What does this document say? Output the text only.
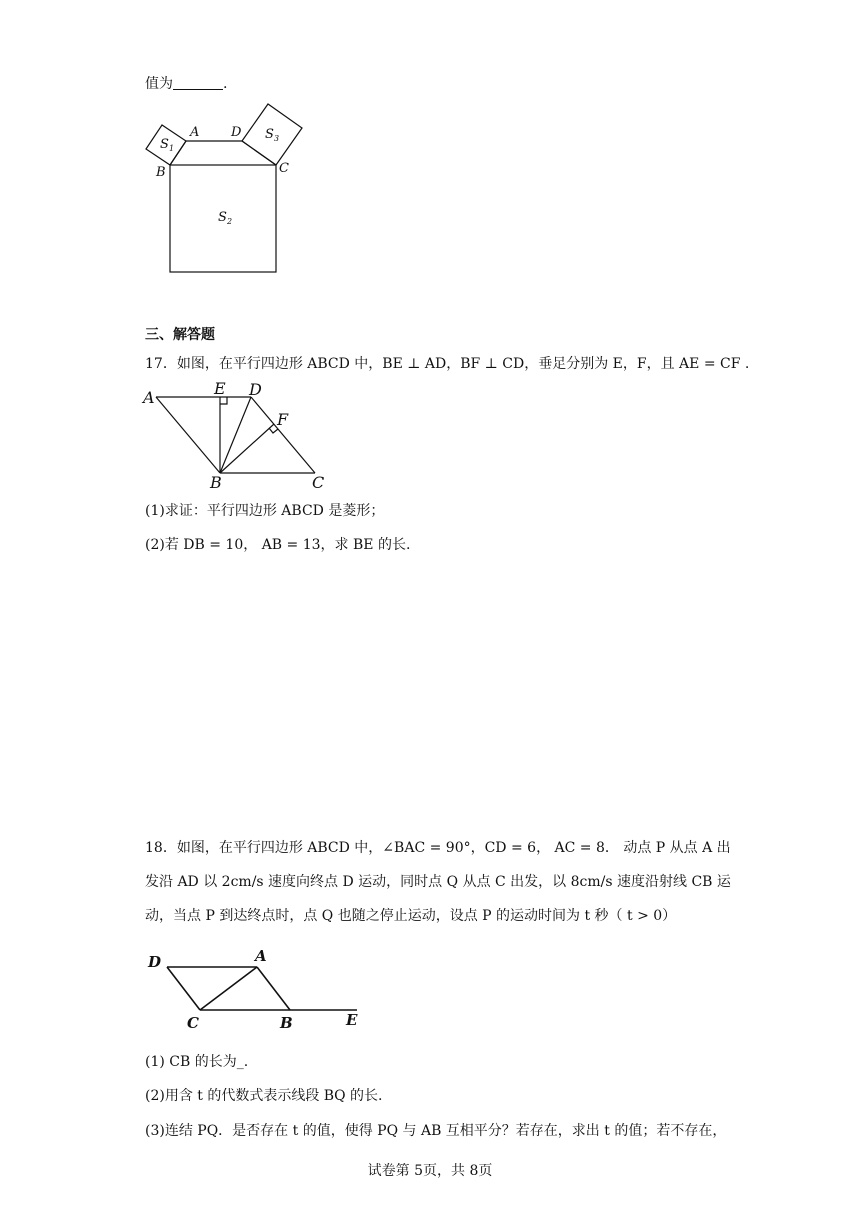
值为	.
A D
B	C
S 1
S 2
S 3
三、解答题
17．如图，在平行四边形 ABCD 中，BE ⊥ AD，BF ⊥ CD，垂足分别为 E，F，且 AE = CF .
A	E D
F
B	C
(1)求证：平行四边形 ABCD 是菱形；
(2)若 DB = 10， AB = 13，求 BE 的长.
18．如图，在平行四边形 ABCD 中，∠BAC = 90°，CD = 6， AC = 8． 动点 P 从点 A 出
发沿 AD 以 2cm/s 速度向终点 D 运动，同时点 Q 从点 C 出发，以 8cm/s 速度沿射线 CB 运
动，当点 P 到达终点时，点 Q 也随之停止运动，设点 P 的运动时间为 t 秒（ t > 0）
D	A
C	B	E
(1) CB 的长为_.
(2)用含 t 的代数式表示线段 BQ 的长.
(3)连结 PQ．是否存在 t 的值，使得 PQ 与 AB 互相平分？若存在，求出 t 的值；若不存在，
试卷第 5页，共 8页
